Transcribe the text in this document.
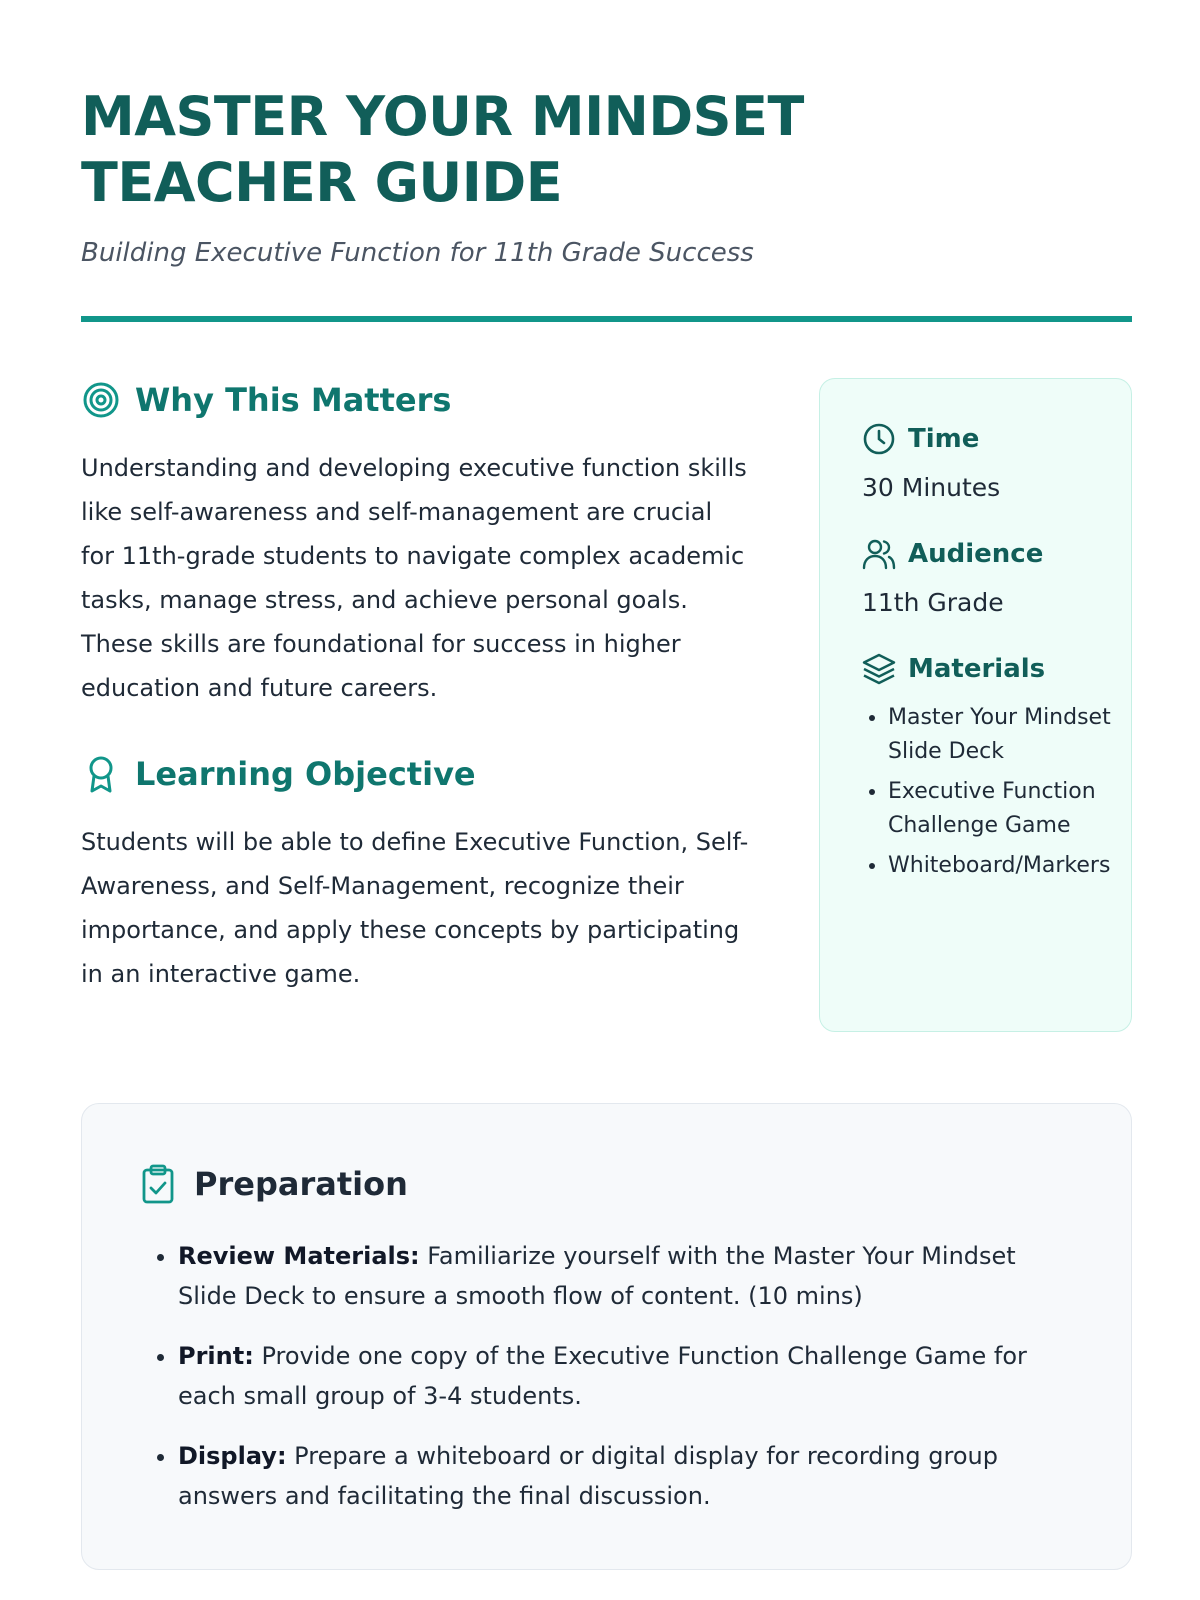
MASTER YOUR MINDSET
TEACHER GUIDE
Building Executive Function for 11th Grade Success
Why This Matters

Understanding and developing executive function skills like self-awareness and self-management are crucial for 11th-grade students to navigate complex academic tasks, manage stress, and achieve personal goals. These skills are foundational for success in higher education and future careers.

Learning Objective

Students will be able to define Executive Function, Self-Awareness, and Self-Management, recognize their importance, and apply these concepts by participating in an interactive game.

Time
30 Minutes
Audience
11th Grade
Materials
• Master Your Mindset Slide Deck
• Executive Function Challenge Game
• Whiteboard/Markers
Preparation
• Review Materials: Familiarize yourself with the Master Your Mindset Slide Deck to ensure a smooth flow of content. (10 mins)
• Print: Provide one copy of the Executive Function Challenge Game for each small group of 3-4 students.
• Display: Prepare a whiteboard or digital display for recording group answers and facilitating the final discussion.
